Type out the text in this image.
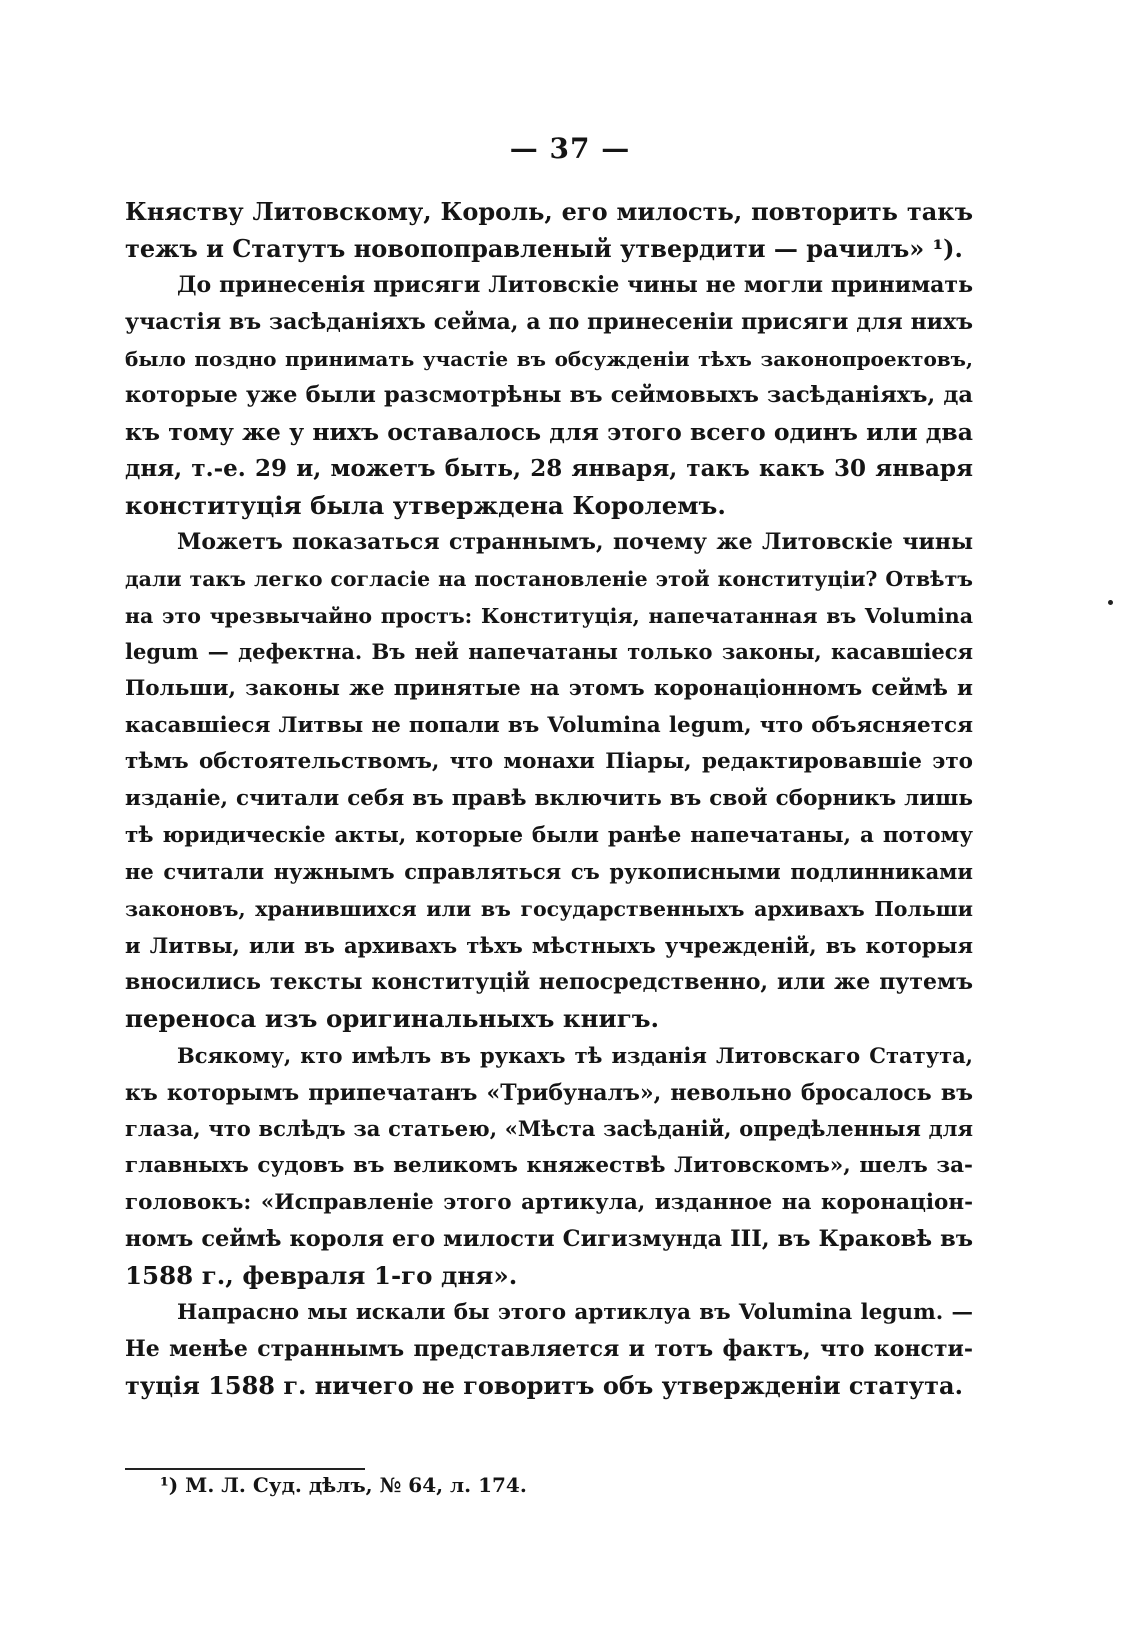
— 37 —
Княству Литовскому, Король, его милость, повторить такъ
тежъ и Статутъ новопоправленый утвердити — рачилъ» ¹).
До принесенія присяги Литовскіе чины не могли принимать
участія въ засѣданіяхъ сейма, а по принесеніи присяги для нихъ
было поздно принимать участіе въ обсужденіи тѣхъ законопроектовъ,
которые уже были разсмотрѣны въ сеймовыхъ засѣданіяхъ, да
къ тому же у нихъ оставалось для этого всего одинъ или два
дня, т.-е. 29 и, можетъ быть, 28 января, такъ какъ 30 января
конституція была утверждена Королемъ.
Можетъ показаться страннымъ, почему же Литовскіе чины
дали такъ легко согласіе на постановленіе этой конституціи? Отвѣтъ
на это чрезвычайно простъ: Конституція, напечатанная въ Volumina
legum — дефектна. Въ ней напечатаны только законы, касавшіеся
Польши, законы же принятые на этомъ коронаціонномъ сеймѣ и
касавшіеся Литвы не попали въ Volumina legum, что объясняется
тѣмъ обстоятельствомъ, что монахи Піары, редактировавшіе это
изданіе, считали себя въ правѣ включить въ свой сборникъ лишь
тѣ юридическіе акты, которые были ранѣе напечатаны, а потому
не считали нужнымъ справляться съ рукописными подлинниками
законовъ, хранившихся или въ государственныхъ архивахъ Польши
и Литвы, или въ архивахъ тѣхъ мѣстныхъ учрежденій, въ которыя
вносились тексты конституцій непосредственно, или же путемъ
переноса изъ оригинальныхъ книгъ.
Всякому, кто имѣлъ въ рукахъ тѣ изданія Литовскаго Статута,
къ которымъ припечатанъ «Трибуналъ», невольно бросалось въ
глаза, что вслѣдъ за статьею, «Мѣста засѣданій, опредѣленныя для
главныхъ судовъ въ великомъ княжествѣ Литовскомъ», шелъ за-
головокъ: «Исправленіе этого артикула, изданное на коронаціон-
номъ сеймѣ короля его милости Сигизмунда III, въ Краковѣ въ
1588 г., февраля 1-го дня».
Напрасно мы искали бы этого артиклуа въ Volumina legum. —
Не менѣе страннымъ представляется и тотъ фактъ, что консти-
туція 1588 г. ничего не говоритъ объ утвержденіи статута.
¹) М. Л. Суд. дѣлъ, № 64, л. 174.
